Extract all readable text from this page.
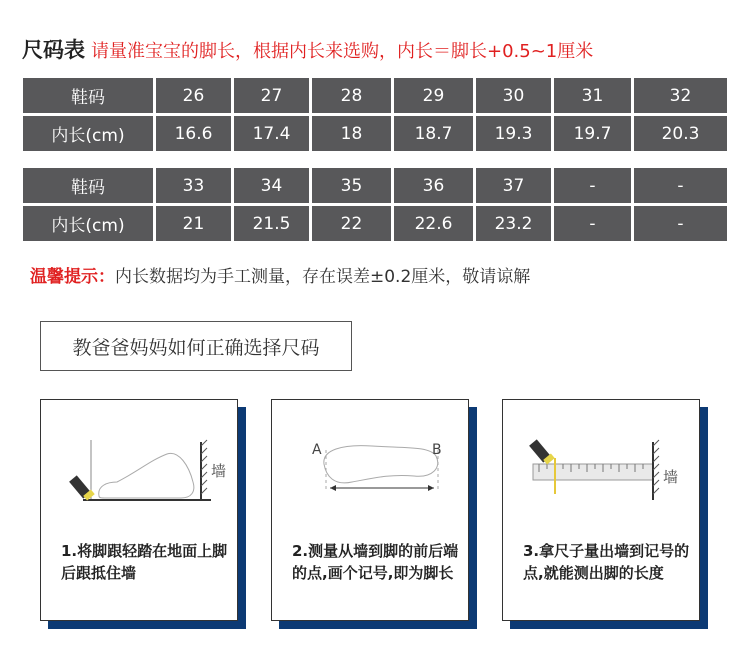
尺码表 请量准宝宝的脚长，根据内长来选购，内长＝脚长+0.5~1厘米
鞋码	26	27	28	29	30	31	32
内长(cm)	16.6	17.4	18	18.7	19.3	19.7	20.3
鞋码	33	34	35	36	37	-	-
内长(cm)	21	21.5	22	22.6	23.2	-	-
温馨提示：内长数据均为手工测量，存在误差±0.2厘米，敬请谅解
教爸爸妈妈如何正确选择尺码
墙
1.将脚跟轻踏在地面上脚后跟抵住墙
A	B
2.测量从墙到脚的前后端的点,画个记号,即为脚长
墙
3.拿尺子量出墙到记号的点,就能测出脚的长度
